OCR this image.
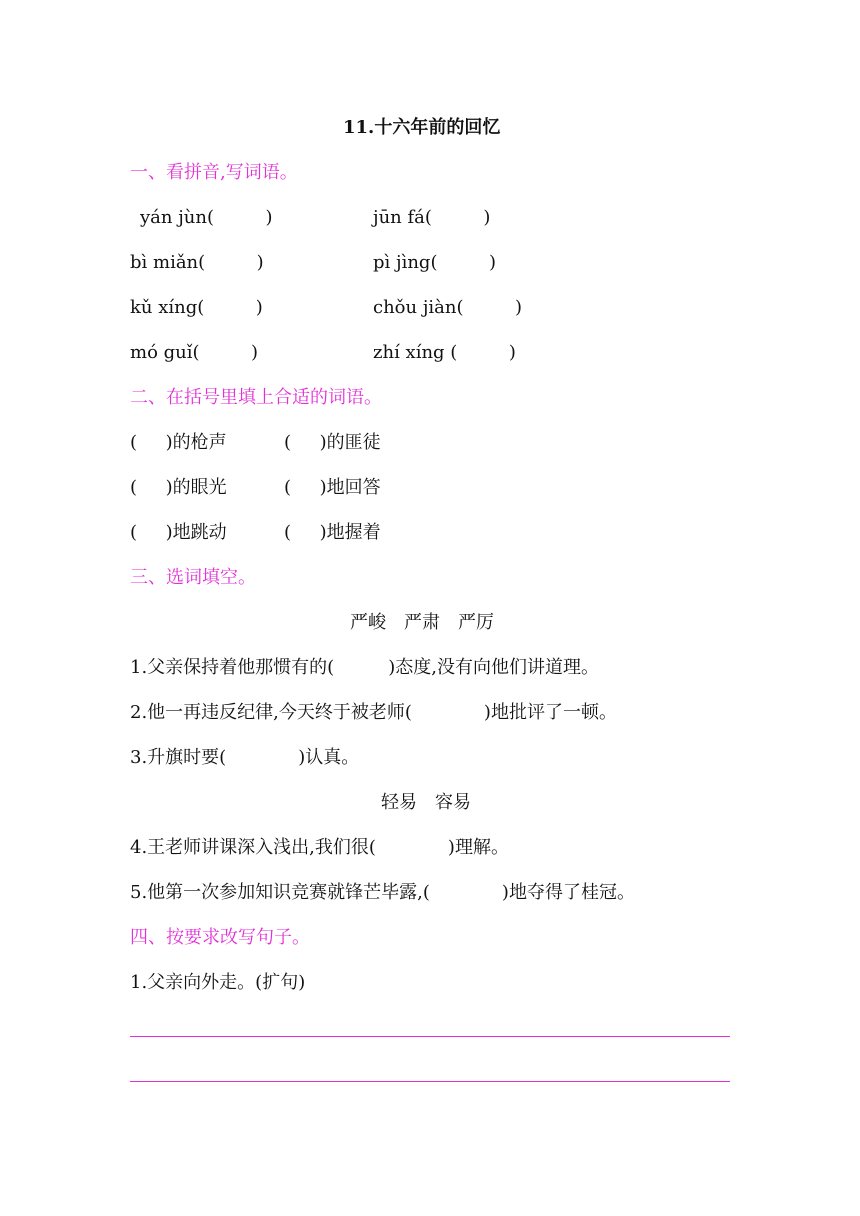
11.十六年前的回忆
一、看拼音,写词语。
yán jùn(         )	jūn fá(         )
bì miǎn(         )	pì jìng(         )
kǔ xíng(         )	chǒu jiàn(         )
mó guǐ(         )	zhí xíng (         )
二、在括号里填上合适的词语。
(     )的枪声	(     )的匪徒
(     )的眼光	(     )地回答
(     )地跳动	(     )地握着
三、选词填空。
严峻　严肃　严厉
1.父亲保持着他那惯有的(　　　)态度,没有向他们讲道理。
2.他一再违反纪律,今天终于被老师(　　　　)地批评了一顿。
3.升旗时要(　　　　)认真。
轻易　容易
4.王老师讲课深入浅出,我们很(　　　　)理解。
5.他第一次参加知识竞赛就锋芒毕露,(　　　　)地夺得了桂冠。
四、按要求改写句子。
1.父亲向外走。(扩句)
